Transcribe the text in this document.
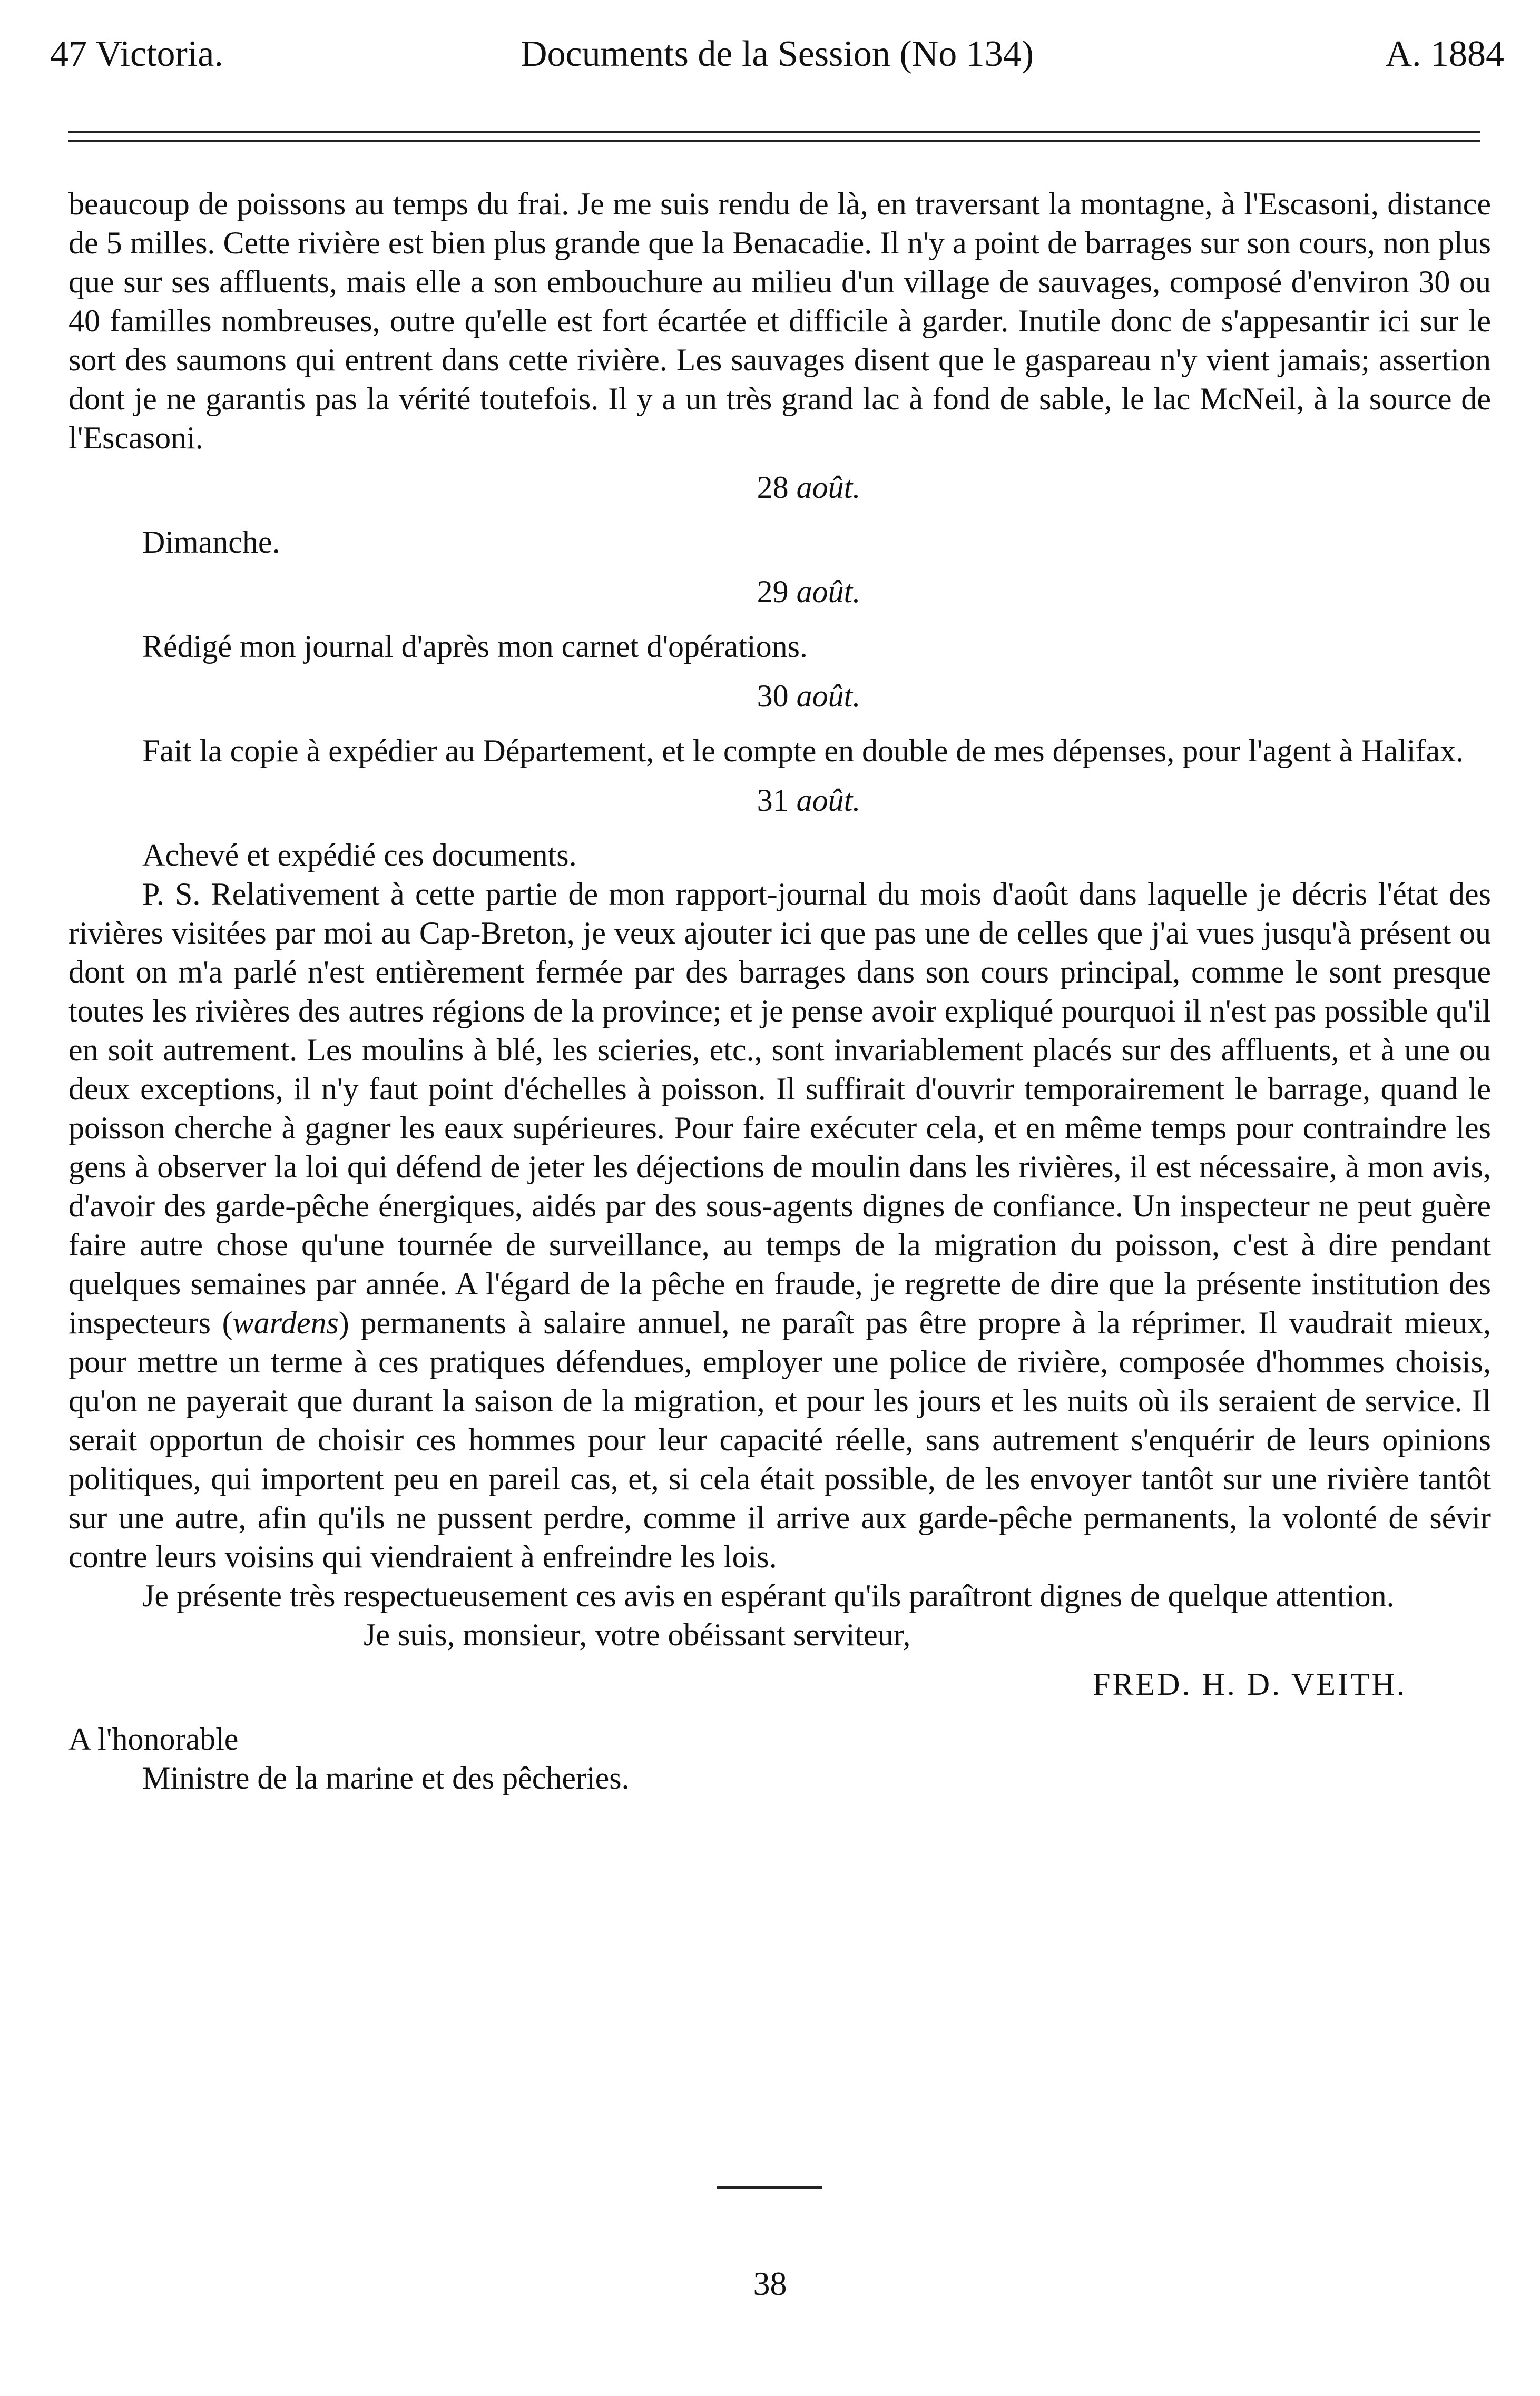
47 Victoria.	Documents de la Session (No 134)	A. 1884

beaucoup de poissons au temps du frai. Je me suis rendu de là, en traversant la montagne, à l'Escasoni, distance de 5 milles. Cette rivière est bien plus grande que la Benacadie. Il n'y a point de barrages sur son cours, non plus que sur ses affluents, mais elle a son embouchure au milieu d'un village de sauvages, composé d'environ 30 ou 40 familles nombreuses, outre qu'elle est fort écartée et difficile à garder. Inutile donc de s'appesantir ici sur le sort des saumons qui entrent dans cette rivière. Les sauvages disent que le gaspareau n'y vient jamais; assertion dont je ne garantis pas la vérité toutefois. Il y a un très grand lac à fond de sable, le lac McNeil, à la source de l'Escasoni.

28 août.

Dimanche.

29 août.

Rédigé mon journal d'après mon carnet d'opérations.

30 août.

Fait la copie à expédier au Département, et le compte en double de mes dépenses, pour l'agent à Halifax.

31 août.

Achevé et expédié ces documents.

P. S. Relativement à cette partie de mon rapport-journal du mois d'août dans laquelle je décris l'état des rivières visitées par moi au Cap-Breton, je veux ajouter ici que pas une de celles que j'ai vues jusqu'à présent ou dont on m'a parlé n'est entièrement fermée par des barrages dans son cours principal, comme le sont presque toutes les rivières des autres régions de la province; et je pense avoir expliqué pourquoi il n'est pas possible qu'il en soit autrement. Les moulins à blé, les scieries, etc., sont invariablement placés sur des affluents, et à une ou deux exceptions, il n'y faut point d'échelles à poisson. Il suffirait d'ouvrir temporairement le barrage, quand le poisson cherche à gagner les eaux supérieures. Pour faire exécuter cela, et en même temps pour contraindre les gens à observer la loi qui défend de jeter les déjections de moulin dans les rivières, il est nécessaire, à mon avis, d'avoir des garde-pêche énergiques, aidés par des sous-agents dignes de confiance. Un inspecteur ne peut guère faire autre chose qu'une tournée de surveillance, au temps de la migration du poisson, c'est à dire pendant quelques semaines par année. A l'égard de la pêche en fraude, je regrette de dire que la présente institution des inspecteurs (wardens) permanents à salaire annuel, ne paraît pas être propre à la réprimer. Il vaudrait mieux, pour mettre un terme à ces pratiques défendues, employer une police de rivière, composée d'hommes choisis, qu'on ne payerait que durant la saison de la migration, et pour les jours et les nuits où ils seraient de service. Il serait opportun de choisir ces hommes pour leur capacité réelle, sans autrement s'enquérir de leurs opinions politiques, qui importent peu en pareil cas, et, si cela était possible, de les envoyer tantôt sur une rivière tantôt sur une autre, afin qu'ils ne pussent perdre, comme il arrive aux garde-pêche permanents, la volonté de sévir contre leurs voisins qui viendraient à enfreindre les lois.

Je présente très respectueusement ces avis en espérant qu'ils paraîtront dignes de quelque attention.

Je suis, monsieur, votre obéissant serviteur,

FRED. H. D. VEITH.

A l'honorable

Ministre de la marine et des pêcheries.

38
